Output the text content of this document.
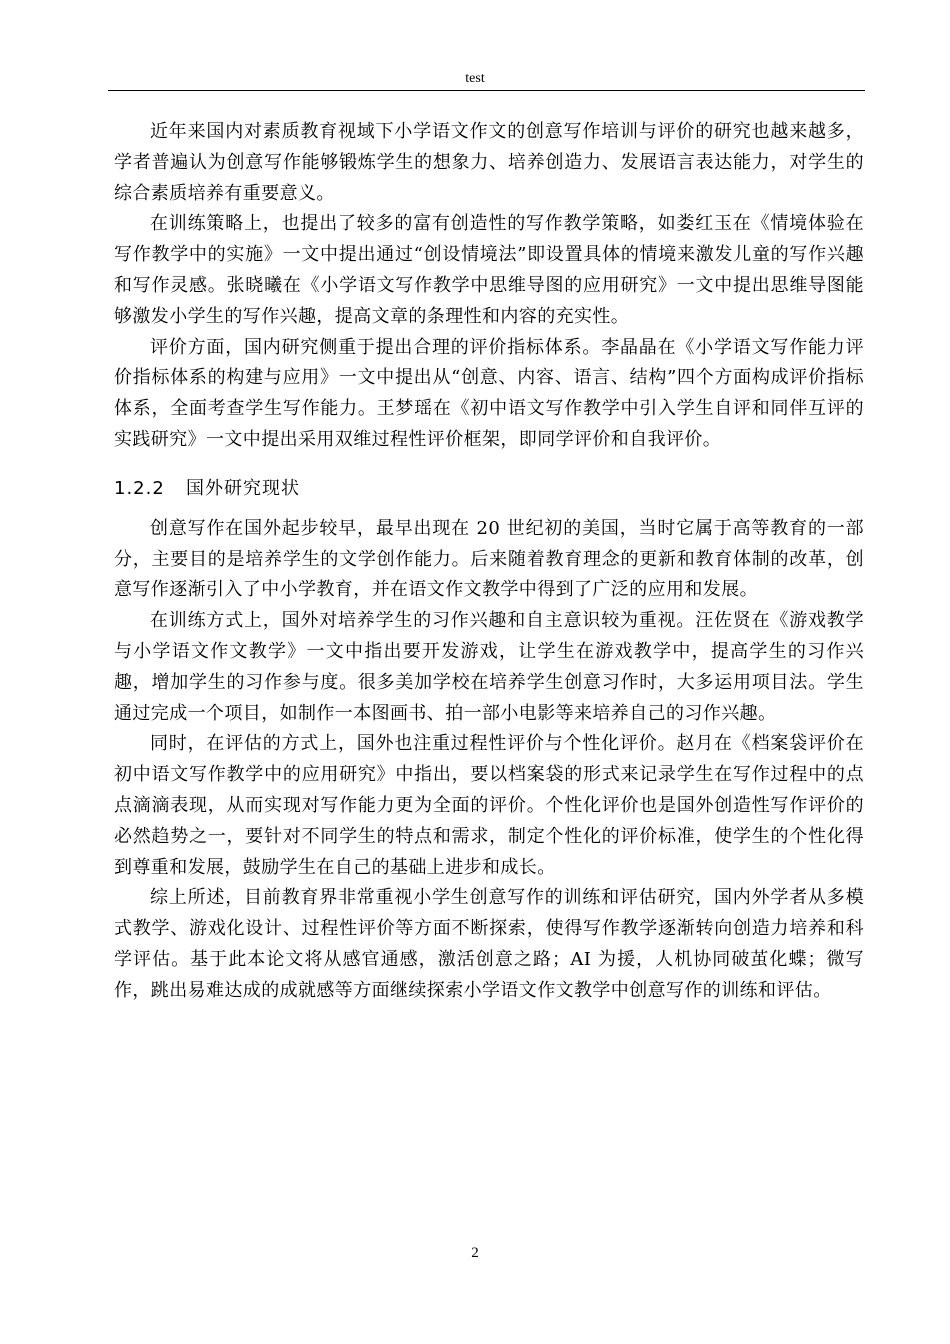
test

近年来国内对素质教育视域下小学语文作文的创意写作培训与评价的研究也越来越多，学者普遍认为创意写作能够锻炼学生的想象力、培养创造力、发展语言表达能力，对学生的综合素质培养有重要意义。

在训练策略上，也提出了较多的富有创造性的写作教学策略，如娄红玉在《情境体验在写作教学中的实施》一文中提出通过“创设情境法”即设置具体的情境来激发儿童的写作兴趣和写作灵感。张晓曦在《小学语文写作教学中思维导图的应用研究》一文中提出思维导图能够激发小学生的写作兴趣，提高文章的条理性和内容的充实性。

评价方面，国内研究侧重于提出合理的评价指标体系。李晶晶在《小学语文写作能力评价指标体系的构建与应用》一文中提出从“创意、内容、语言、结构”四个方面构成评价指标体系，全面考查学生写作能力。王梦瑶在《初中语文写作教学中引入学生自评和同伴互评的实践研究》一文中提出采用双维过程性评价框架，即同学评价和自我评价。

1.2.2	国外研究现状

创意写作在国外起步较早，最早出现在 20 世纪初的美国，当时它属于高等教育的一部分，主要目的是培养学生的文学创作能力。后来随着教育理念的更新和教育体制的改革，创意写作逐渐引入了中小学教育，并在语文作文教学中得到了广泛的应用和发展。

在训练方式上，国外对培养学生的习作兴趣和自主意识较为重视。汪佐贤在《游戏教学与小学语文作文教学》一文中指出要开发游戏，让学生在游戏教学中，提高学生的习作兴趣，增加学生的习作参与度。很多美加学校在培养学生创意习作时，大多运用项目法。学生通过完成一个项目，如制作一本图画书、拍一部小电影等来培养自己的习作兴趣。

同时，在评估的方式上，国外也注重过程性评价与个性化评价。赵月在《档案袋评价在初中语文写作教学中的应用研究》中指出，要以档案袋的形式来记录学生在写作过程中的点点滴滴表现，从而实现对写作能力更为全面的评价。个性化评价也是国外创造性写作评价的必然趋势之一，要针对不同学生的特点和需求，制定个性化的评价标准，使学生的个性化得到尊重和发展，鼓励学生在自己的基础上进步和成长。

综上所述，目前教育界非常重视小学生创意写作的训练和评估研究，国内外学者从多模式教学、游戏化设计、过程性评价等方面不断探索，使得写作教学逐渐转向创造力培养和科学评估。基于此本论文将从感官通感，激活创意之路；AI 为援，人机协同破茧化蝶；微写作，跳出易难达成的成就感等方面继续探索小学语文作文教学中创意写作的训练和评估。

2
